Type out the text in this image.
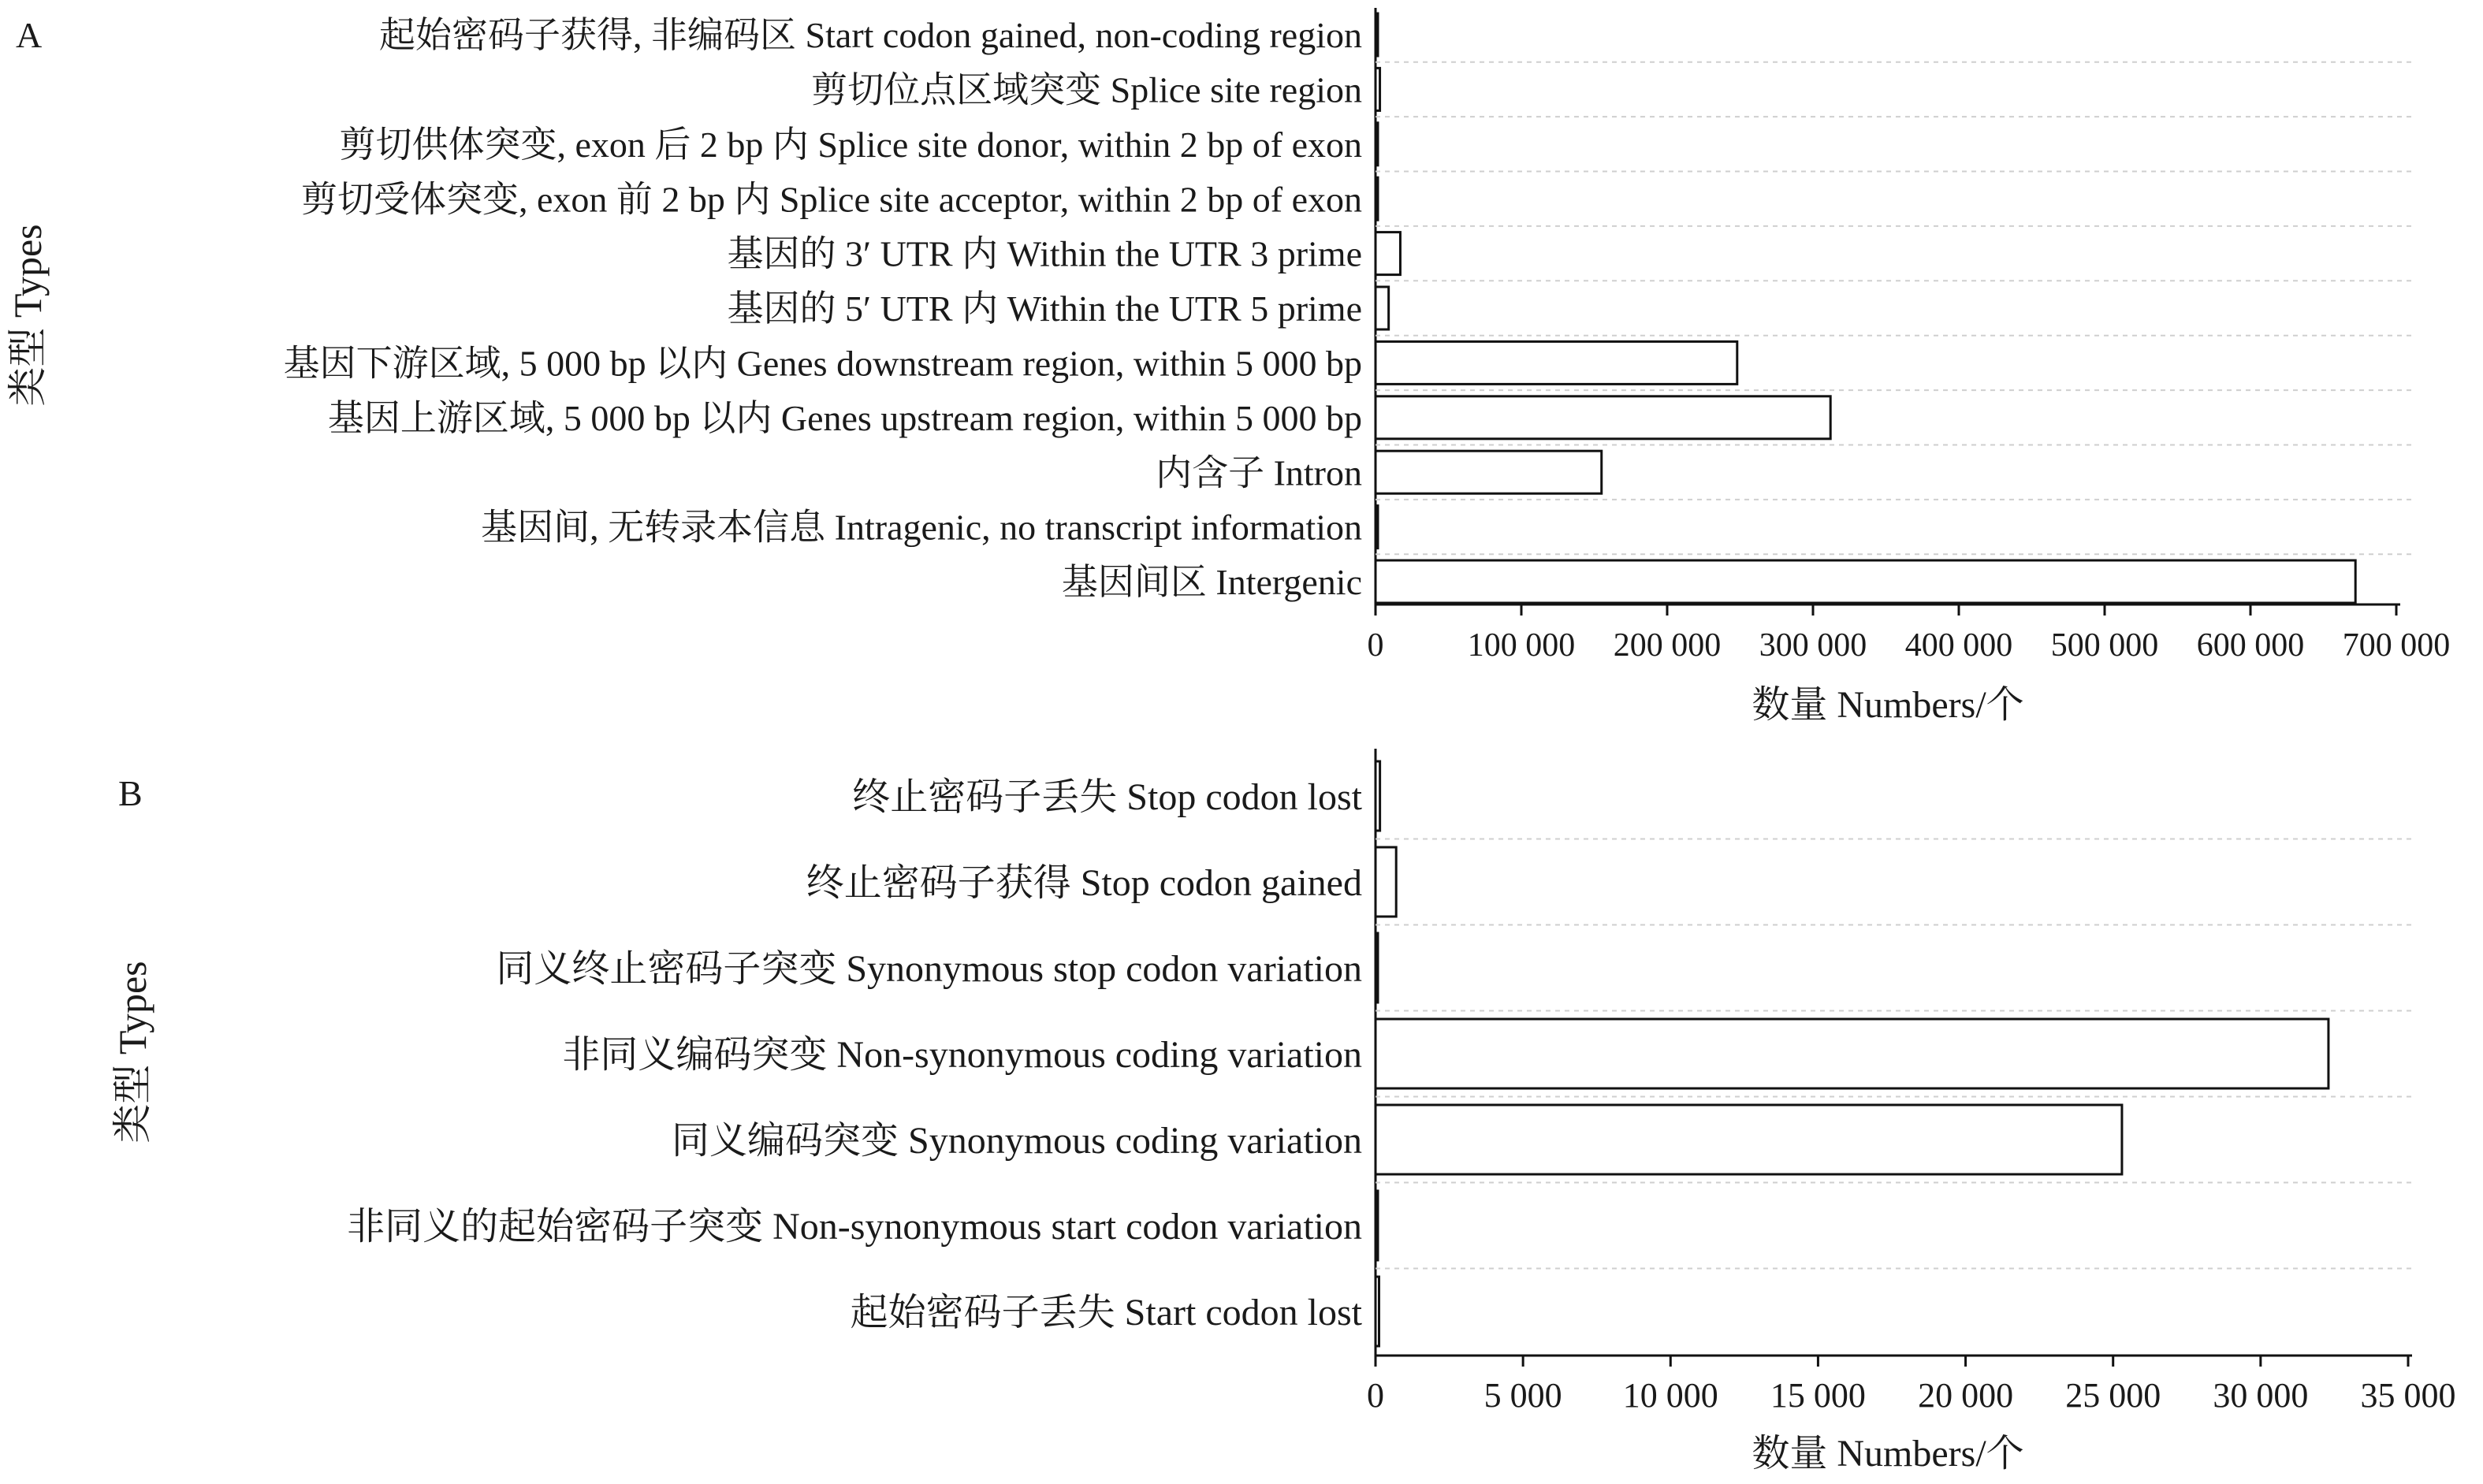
A
类型 Types
起始密码子获得, 非编码区 Start codon gained, non-coding region
剪切位点区域突变 Splice site region
剪切供体突变, exon 后 2 bp 内 Splice site donor, within 2 bp of exon
剪切受体突变, exon 前 2 bp 内 Splice site acceptor, within 2 bp of exon
基因的 3′ UTR 内 Within the UTR 3 prime
基因的 5′ UTR 内 Within the UTR 5 prime
基因下游区域, 5 000 bp 以内 Genes downstream region, within 5 000 bp
基因上游区域, 5 000 bp 以内 Genes upstream region, within 5 000 bp
内含子 Intron
基因间, 无转录本信息 Intragenic, no transcript information
基因间区 Intergenic
0	100 000 200 000 300 000 400 000 500 000 600 000 700 000
数量 Numbers/个
B
类型 Types
终止密码子丢失 Stop codon lost
终止密码子获得 Stop codon gained
同义终止密码子突变 Synonymous stop codon variation
非同义编码突变 Non-synonymous coding variation
同义编码突变 Synonymous coding variation
非同义的起始密码子突变 Non-synonymous start codon variation
起始密码子丢失 Start codon lost
0	5 000 10 000 15 000 20 000 25 000 30 000 35 000
数量 Numbers/个
